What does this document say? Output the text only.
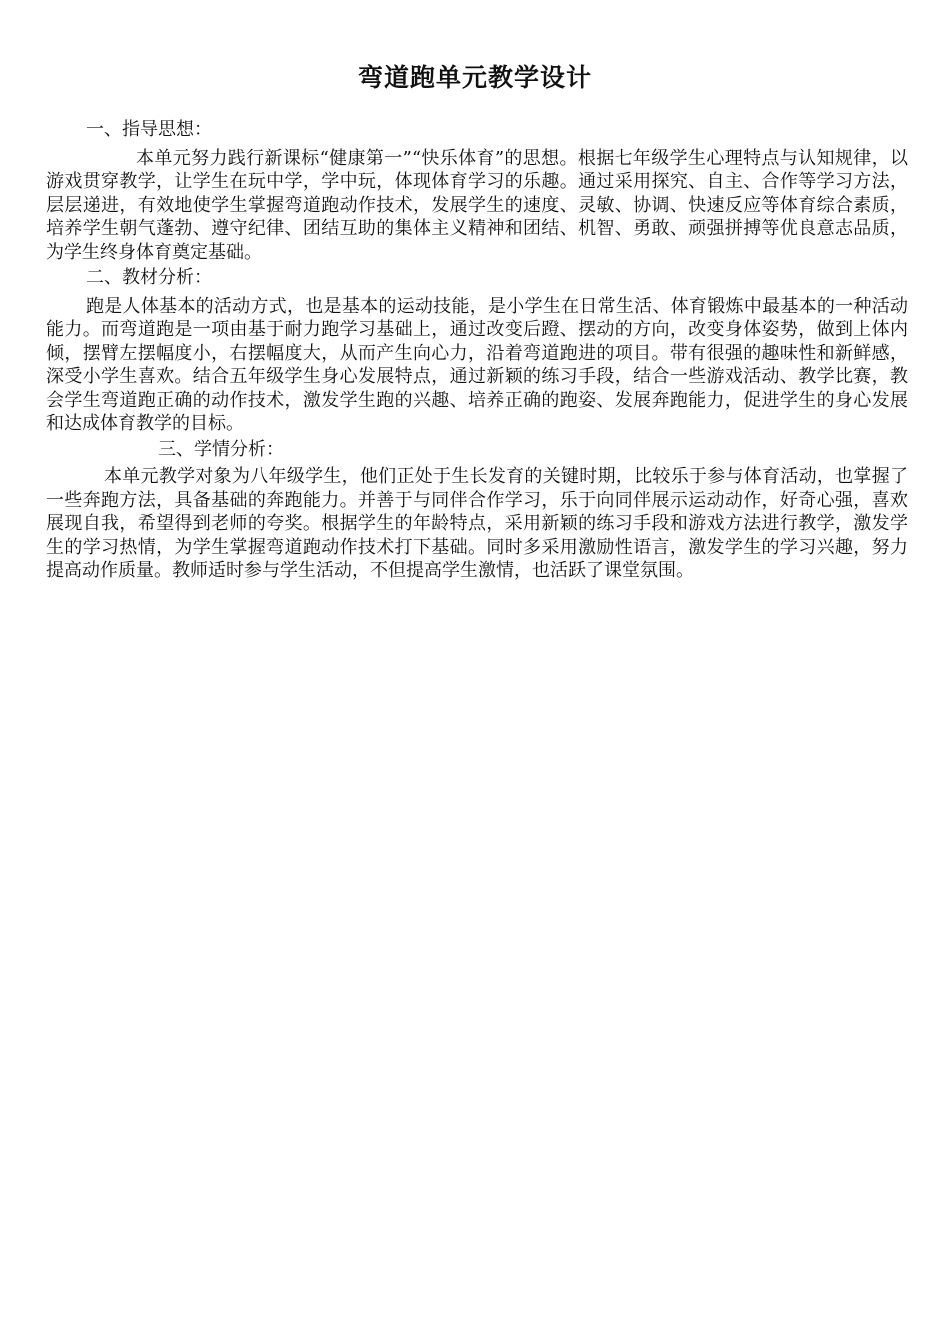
弯道跑单元教学设计
一、指导思想：

本单元努力践行新课标“健康第一”“快乐体育”的思想。根据七年级学生心理特点与认知规律，以游戏贯穿教学，让学生在玩中学，学中玩，体现体育学习的乐趣。通过采用探究、自主、合作等学习方法，层层递进，有效地使学生掌握弯道跑动作技术，发展学生的速度、灵敏、协调、快速反应等体育综合素质，培养学生朝气蓬勃、遵守纪律、团结互助的集体主义精神和团结、机智、勇敢、顽强拼搏等优良意志品质，为学生终身体育奠定基础。

二、教材分析：

跑是人体基本的活动方式，也是基本的运动技能，是小学生在日常生活、体育锻炼中最基本的一种活动能力。而弯道跑是一项由基于耐力跑学习基础上，通过改变后蹬、摆动的方向，改变身体姿势，做到上体内倾，摆臂左摆幅度小，右摆幅度大，从而产生向心力，沿着弯道跑进的项目。带有很强的趣味性和新鲜感，深受小学生喜欢。结合五年级学生身心发展特点，通过新颖的练习手段，结合一些游戏活动、教学比赛，教会学生弯道跑正确的动作技术，激发学生跑的兴趣、培养正确的跑姿、发展奔跑能力，促进学生的身心发展和达成体育教学的目标。

三、学情分析：

本单元教学对象为八年级学生，他们正处于生长发育的关键时期，比较乐于参与体育活动，也掌握了一些奔跑方法，具备基础的奔跑能力。并善于与同伴合作学习，乐于向同伴展示运动动作，好奇心强，喜欢展现自我，希望得到老师的夸奖。根据学生的年龄特点，采用新颖的练习手段和游戏方法进行教学，激发学生的学习热情，为学生掌握弯道跑动作技术打下基础。同时多采用激励性语言，激发学生的学习兴趣，努力提高动作质量。教师适时参与学生活动，不但提高学生激情，也活跃了课堂氛围。
